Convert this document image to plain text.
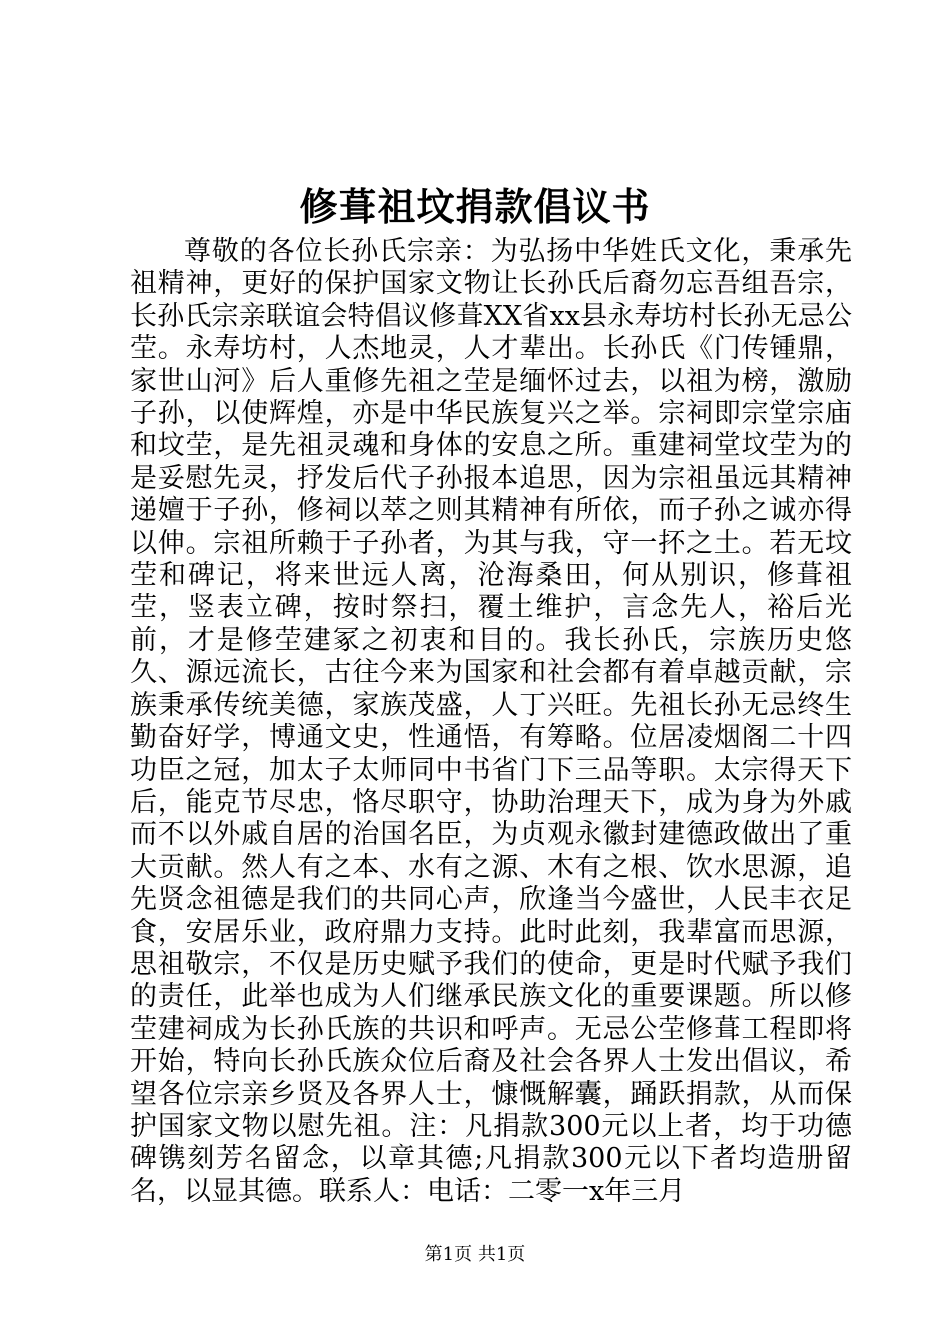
修葺祖坟捐款倡议书

尊敬的各位长孙氏宗亲：为弘扬中华姓氏文化，秉承先祖精神，更好的保护国家文物让长孙氏后裔勿忘吾组吾宗，长孙氏宗亲联谊会特倡议修葺XX省xx县永寿坊村长孙无忌公茔。永寿坊村，人杰地灵，人才辈出。长孙氏《门传锺鼎，家世山河》后人重修先祖之茔是缅怀过去，以祖为榜，激励子孙，以使辉煌，亦是中华民族复兴之举。宗祠即宗堂宗庙和坟茔，是先祖灵魂和身体的安息之所。重建祠堂坟茔为的是妥慰先灵，抒发后代子孙报本追思，因为宗祖虽远其精神递嬗于子孙，修祠以萃之则其精神有所依，而子孙之诚亦得以伸。宗祖所赖于子孙者，为其与我，守一抔之土。若无坟茔和碑记，将来世远人离，沧海桑田，何从别识，修葺祖茔，竖表立碑，按时祭扫，覆土维护，言念先人，裕后光前，才是修茔建冢之初衷和目的。我长孙氏，宗族历史悠久、源远流长，古往今来为国家和社会都有着卓越贡献，宗族秉承传统美德，家族茂盛，人丁兴旺。先祖长孙无忌终生勤奋好学，博通文史，性通悟，有筹略。位居凌烟阁二十四功臣之冠，加太子太师同中书省门下三品等职。太宗得天下后，能克节尽忠，恪尽职守，协助治理天下，成为身为外戚而不以外戚自居的治国名臣，为贞观永徽封建德政做出了重大贡献。然人有之本、水有之源、木有之根、饮水思源，追先贤念祖德是我们的共同心声，欣逢当今盛世，人民丰衣足食，安居乐业，政府鼎力支持。此时此刻，我辈富而思源，思祖敬宗，不仅是历史赋予我们的使命，更是时代赋予我们的责任，此举也成为人们继承民族文化的重要课题。所以修茔建祠成为长孙氏族的共识和呼声。无忌公茔修葺工程即将开始，特向长孙氏族众位后裔及社会各界人士发出倡议，希望各位宗亲乡贤及各界人士，慷慨解囊，踊跃捐款，从而保护国家文物以慰先祖。注：凡捐款300元以上者，均于功德碑镌刻芳名留念，以章其德;凡捐款300元以下者均造册留名，以显其德。联系人：电话：二零一x年三月

第1页 共1页
